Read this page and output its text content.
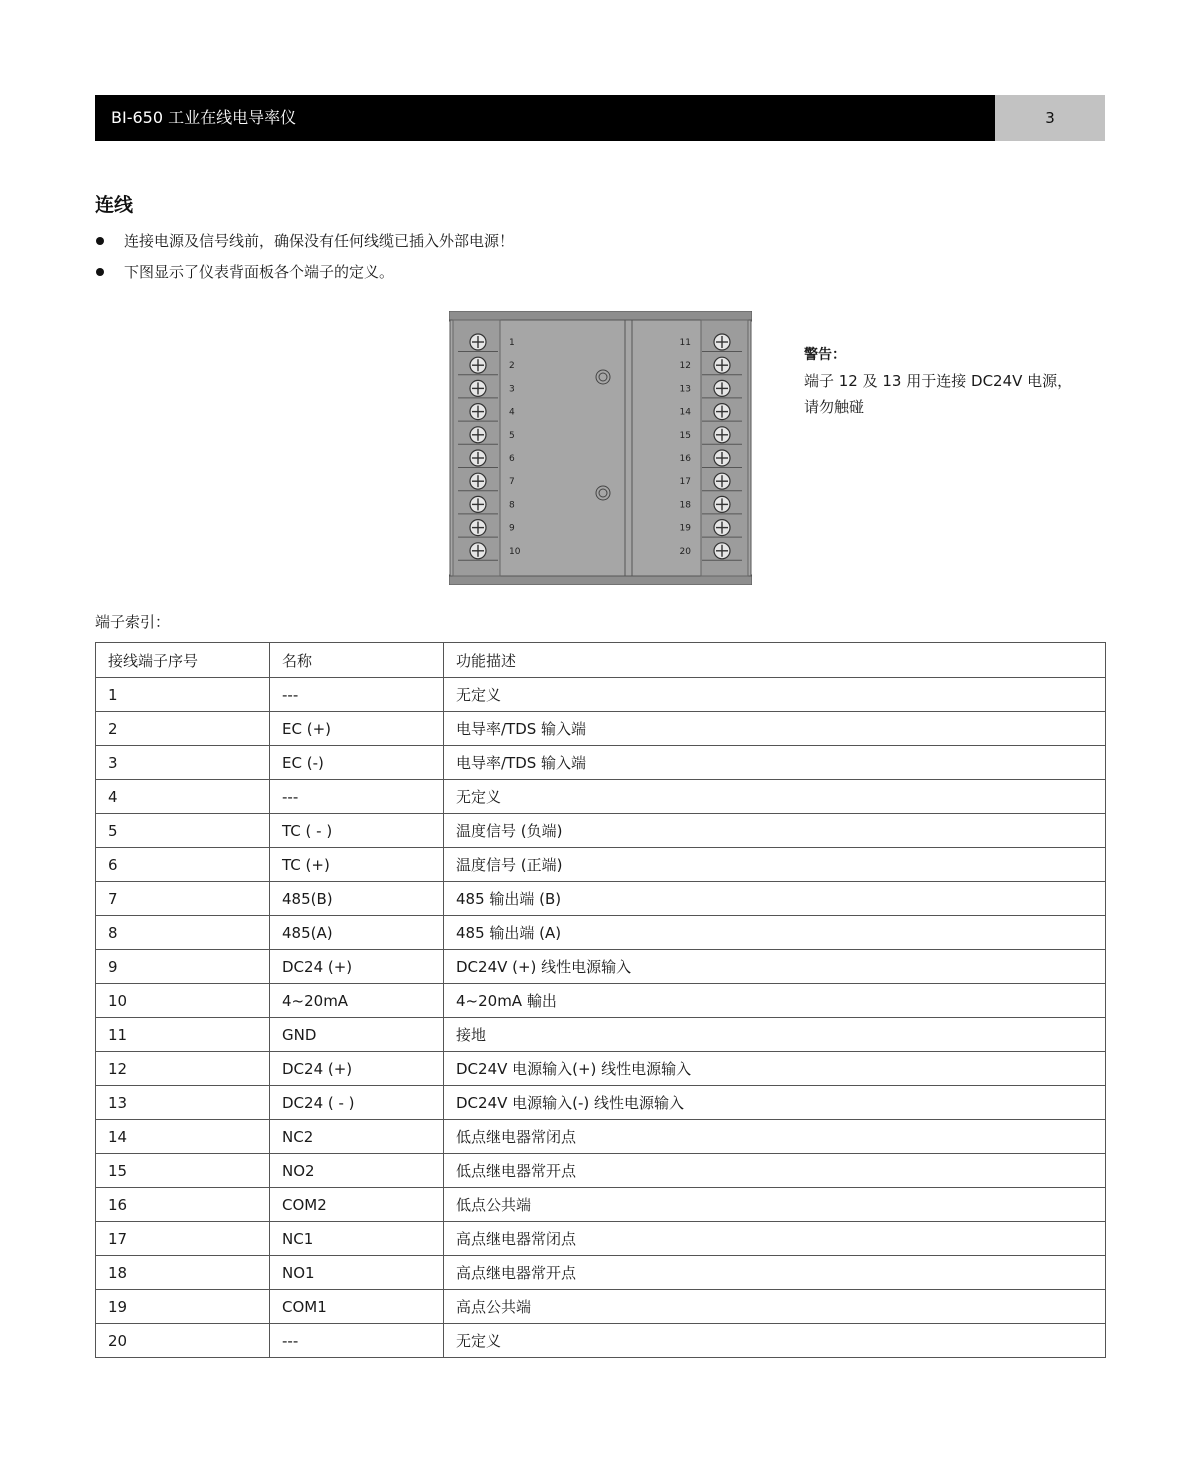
BI-650 工业在线电导率仪	3
连线
连接电源及信号线前，确保没有任何线缆已插入外部电源！
下图显示了仪表背面板各个端子的定义。
1
2
3
4
5
6
7
8
9
10
11
12
13
14
15
16
17
18
19
20
警告：
端子 12 及 13 用于连接 DC24V 电源，
请勿触碰
端子索引：
接线端子序号	名称	功能描述
1	---	无定义
2	EC (+)	电导率/TDS 输入端
3	EC (-)	电导率/TDS 输入端
4	---	无定义
5	TC ( - )	温度信号 (负端)
6	TC (+)	温度信号 (正端)
7	485(B)	485 输出端 (B)
8	485(A)	485 输出端 (A)
9	DC24 (+)	DC24V (+) 线性电源输入
10	4~20mA	4~20mA 輸出
11	GND	接地
12	DC24 (+)	DC24V 电源输入(+) 线性电源输入
13	DC24 ( - )	DC24V 电源输入(-) 线性电源输入
14	NC2	低点继电器常闭点
15	NO2	低点继电器常开点
16	COM2	低点公共端
17	NC1	高点继电器常闭点
18	NO1	高点继电器常开点
19	COM1	高点公共端
20	---	无定义
